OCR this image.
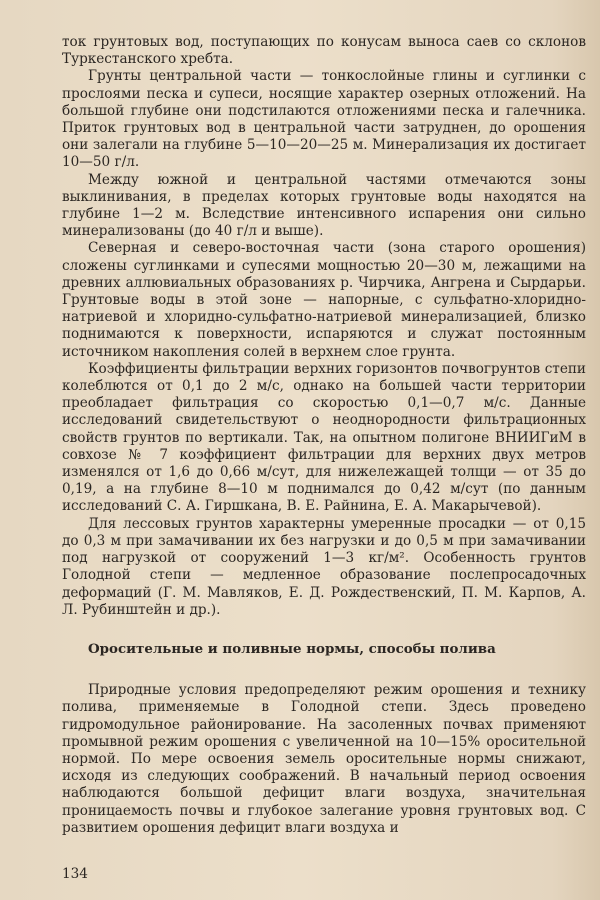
ток грунтовых вод, поступающих по конусам выноса саев со склонов Туркестанского хребта.

Грунты центральной части — тонкослойные глины и суглинки с прослоями песка и супеси, носящие характер озерных отложений. На большой глубине они подстилаются отложениями песка и галечника. Приток грунтовых вод в центральной части затруднен, до орошения они залегали на глубине 5—10—20—25 м. Минерализация их достигает 10—50 г/л.

Между южной и центральной частями отмечаются зоны выклинивания, в пределах которых грунтовые воды находятся на глубине 1—2 м. Вследствие интенсивного испарения они сильно минерализованы (до 40 г/л и выше).

Северная и северо-восточная части (зона старого орошения) сложены суглинками и супесями мощностью 20—30 м, лежащими на древних аллювиальных образованиях р. Чирчика, Ангрена и Сырдарьи. Грунтовые воды в этой зоне — напорные, с сульфатно-хлоридно-натриевой и хлоридно-сульфатно-натриевой минерализацией, близко поднимаются к поверхности, испаряются и служат постоянным источником накопления солей в верхнем слое грунта.

Коэффициенты фильтрации верхних горизонтов почвогрунтов степи колеблются от 0,1 до 2 м/с, однако на большей части территории преобладает фильтрация со скоростью 0,1—0,7 м/с. Данные исследований свидетельствуют о неоднородности фильтрационных свойств грунтов по вертикали. Так, на опытном полигоне ВНИИГиМ в совхозе № 7 коэффициент фильтрации для верхних двух метров изменялся от 1,6 до 0,66 м/сут, для нижележащей толщи — от 35 до 0,19, а на глубине 8—10 м поднимался до 0,42 м/сут (по данным исследований С. А. Гиршкана, В. Е. Райнина, Е. А. Макарычевой).

Для лессовых грунтов характерны умеренные просадки — от 0,15 до 0,3 м при замачивании их без нагрузки и до 0,5 м при замачивании под нагрузкой от сооружений 1—3 кг/м². Особенность грунтов Голодной степи — медленное образование послепросадочных деформаций (Г. М. Мавляков, Е. Д. Рождественский, П. М. Карпов, А. Л. Рубинштейн и др.).

Оросительные и поливные нормы, способы полива

Природные условия предопределяют режим орошения и технику полива, применяемые в Голодной степи. Здесь проведено гидромодульное районирование. На засоленных почвах применяют промывной режим орошения с увеличенной на 10—15% оросительной нормой. По мере освоения земель оросительные нормы снижают, исходя из следующих соображений. В начальный период освоения наблюдаются большой дефицит влаги воздуха, значительная проницаемость почвы и глубокое залегание уровня грунтовых вод. С развитием орошения дефицит влаги воздуха и

134
